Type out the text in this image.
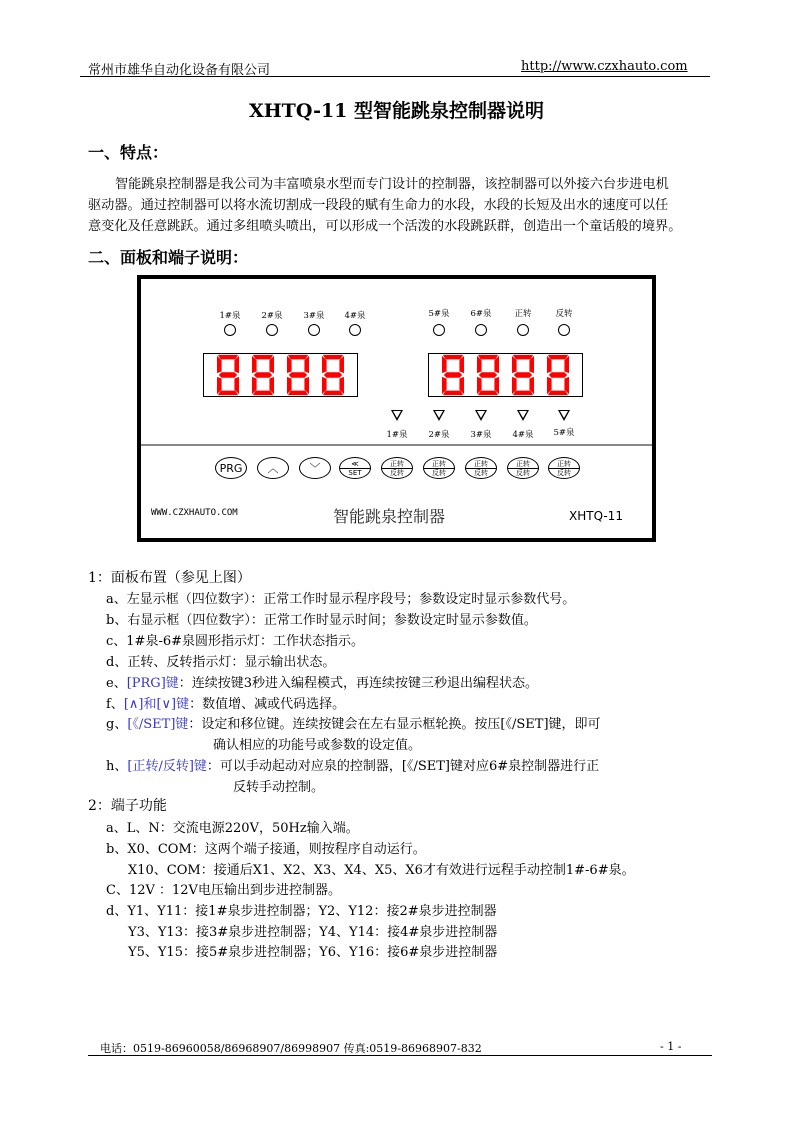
常州市雄华自动化设备有限公司	http://www.czxhauto.com
XHTQ-11 型智能跳泉控制器说明
一、特点：
智能跳泉控制器是我公司为丰富喷泉水型而专门设计的控制器，该控制器可以外接六台步进电机
驱动器。通过控制器可以将水流切割成一段段的赋有生命力的水段，水段的长短及出水的速度可以任
意变化及任意跳跃。通过多组喷头喷出，可以形成一个活泼的水段跳跃群，创造出一个童话般的境界。
二、面板和端子说明：
1#泉	2#泉	3#泉	4#泉	5#泉	6#泉	正转	反转
1#泉	2#泉	3#泉	4#泉	5#泉
PRG ︿	﹀	≪
SET
正转
反转
正转
反转
正转
反转
正转
反转
正转
反转
WWW.CZXHAUTO.COM	智能跳泉控制器	XHTQ-11
1：面板布置（参见上图）
a、左显示框（四位数字）：正常工作时显示程序段号；参数设定时显示参数代号。
b、右显示框（四位数字）：正常工作时显示时间；参数设定时显示参数值。
c、1#泉-6#泉圆形指示灯：工作状态指示。
d、正转、反转指示灯：显示输出状态。
e、[PRG]键：连续按键3秒进入编程模式，再连续按键三秒退出编程状态。
f、[∧]和[∨]键：数值增、减或代码选择。
g、[《/SET]键：设定和移位键。连续按键会在左右显示框轮换。按压[《/SET]键，即可
确认相应的功能号或参数的设定值。
h、[正转/反转]键：可以手动起动对应泉的控制器，[《/SET]键对应6#泉控制器进行正
反转手动控制。
2：端子功能
a、L、N：交流电源220V，50Hz输入端。
b、X0、COM：这两个端子接通，则按程序自动运行。
X10、COM：接通后X1、X2、X3、X4、X5、X6才有效进行远程手动控制1#-6#泉。
C、12V ：12V电压输出到步进控制器。
d、Y1、Y11：接1#泉步进控制器；Y2、Y12：接2#泉步进控制器
Y3、Y13：接3#泉步进控制器；Y4、Y14：接4#泉步进控制器
Y5、Y15：接5#泉步进控制器；Y6、Y16：接6#泉步进控制器
电话：0519-86960058/86968907/86998907 传真:0519-86968907-832	- 1 -
